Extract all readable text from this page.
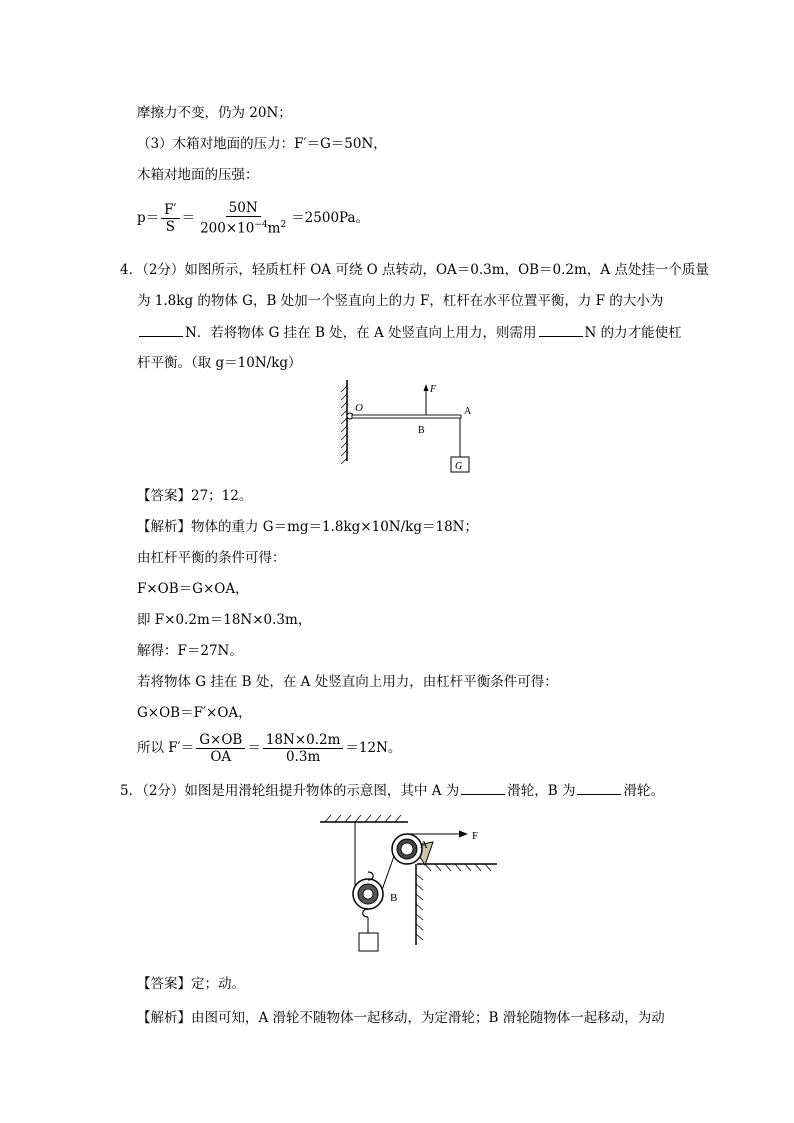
摩擦力不变，仍为 20N；
（3）木箱对地面的压力：F′＝G＝50N，
木箱对地面的压强：
$p= \frac{F'}{S} = \frac{50N}{200\times 10^{-4}m^2} =2500Pa$。
4．（2分）如图所示，轻质杠杆 OA 可绕 O 点转动，OA＝0.3m，OB＝0.2m，A 点处挂一个质量
为 1.8kg 的物体 G，B 处加一个竖直向上的力 F，杠杆在水平位置平衡，力 F 的大小为
N．若将物体 G 挂在 B 处，在 A 处竖直向上用力，则需用	N 的力才能使杠
杆平衡。（取 g＝10N/kg）
O
F
A
B
G
【答案】27；12。
【解析】物体的重力 G＝mg＝1.8kg×10N/kg＝18N；
由杠杆平衡的条件可得：
F×OB＝G×OA，
即 F×0.2m＝18N×0.3m，
解得：F＝27N。
若将物体 G 挂在 B 处，在 A 处竖直向上用力，由杠杆平衡条件可得：
G×OB＝F′×OA，
所以 $F'= \frac{G\times OB}{OA} = \frac{18N\times 0.2m}{0.3m} =12N$。
5．（2分）如图是用滑轮组提升物体的示意图，其中 A 为	滑轮，B 为	滑轮。
A
F
B
【答案】定；动。
【解析】由图可知，A 滑轮不随物体一起移动，为定滑轮；B 滑轮随物体一起移动，为动
